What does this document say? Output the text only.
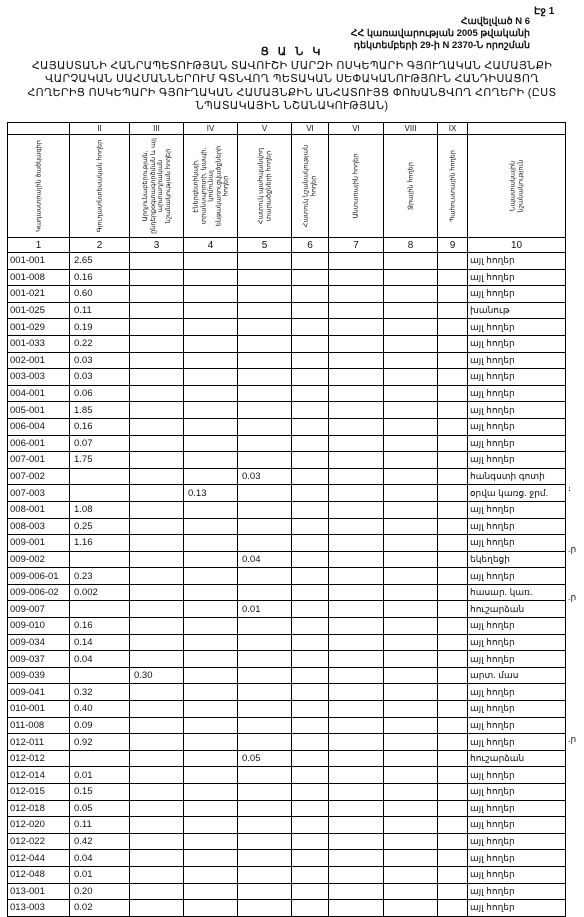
Էջ 1
Հավելված N 6
ՀՀ կառավարության 2005 թվականի
դեկտեմբերի 29-ի N 2370-Ն որոշման
Ց Ա Ն Կ
ՀԱՅԱՍՏԱՆԻ ՀԱՆՐԱՊԵՏՈՒԹՅԱՆ ՏԱՎՈՒՇԻ ՄԱՐԶԻ ՈՍԿԵՊԱՐԻ ԳՅՈՒՂԱԿԱՆ ՀԱՄԱՅՆՔԻ
ՎԱՐՉԱԿԱՆ ՍԱՀՄԱՆՆԵՐՈՒՄ ԳՏՆՎՈՂ ՊԵՏԱԿԱՆ ՍԵՓԱԿԱՆՈՒԹՅՈՒՆ ՀԱՆԴԻՍԱՑՈՂ
ՀՈՂԵՐԻՑ ՈՍԿԵՊԱՐԻ ԳՅՈՒՂԱԿԱՆ ՀԱՄԱՅՆՔԻՆ ԱՆՀԱՏՈՒՅՑ ՓՈԽԱՆՑՎՈՂ ՀՈՂԵՐԻ (ԸՍՏ
ՆՊԱՏԱԿԱՅԻՆ ՆՇԱՆԱԿՈՒԹՅԱՆ)
	II	III	IV	V	VI	VI	VIII	IX	

Կադաստրային ծածկագիր	Գյուղատնտեսական հողեր	Արդյունաբերության, ընդերքօգտագործման և այլ արտադրական նշանակության հողեր	Էներգետիկայի, տրանսպորտի, կապի, կոմունալ ենթակառուցվածքների հողեր	Հատուկ պահպանվող տարածքների հողեր	Հատուկ նշանակության հողեր	Անտառային հողեր	Ջրային հողեր	Պահուստային հողեր	Նպատակային նշանակություն

1	2	3	4	5	6	7	8	9	10
001-001	2.65								այլ հողեր
001-008	0.16								այլ հողեր
001-021	0.60								այլ հողեր
001-025	0.11								խանութ
001-029	0.19								այլ հողեր
001-033	0.22								այլ հողեր
002-001	0.03								այլ հողեր
003-003	0.03								այլ հողեր
004-001	0.06								այլ հողեր
005-001	1.85								այլ հողեր
006-004	0.16								այլ հողեր
006-001	0.07								այլ հողեր
007-001	1.75								այլ հողեր
007-002				0.03					հանգստի գոտի
007-003			0.13						օրվա կառց. ջրմ.
008-001	1.08								այլ հողեր
008-003	0.25								այլ հողեր
009-001	1.16								այլ հողեր
009-002				0.04					եկեղեցի
009-006-01	0.23								այլ հողեր
009-006-02	0.002								հասար. կառ.
009-007				0.01					հուշարձան
009-010	0.16								այլ հողեր
009-034	0.14								այլ հողեր
009-037	0.04								այլ հողեր
009-039		0.30							արտ. մաս
009-041	0.32								այլ հողեր
010-001	0.40								այլ հողեր
011-008	0.09								այլ հողեր
012-011	0.92								այլ հողեր
012-012				0.05					հուշարձան
012-014	0.01								այլ հողեր
012-015	0.15								այլ հողեր
012-018	0.05								այլ հողեր
012-020	0.11								այլ հողեր
012-022	0.42								այլ հողեր
012-044	0.04								այլ հողեր
012-048	0.01								այլ հողեր
013-001	0.20								այլ հողեր
013-003	0.02								այլ հողեր
։
.ր
.ր
.ր
